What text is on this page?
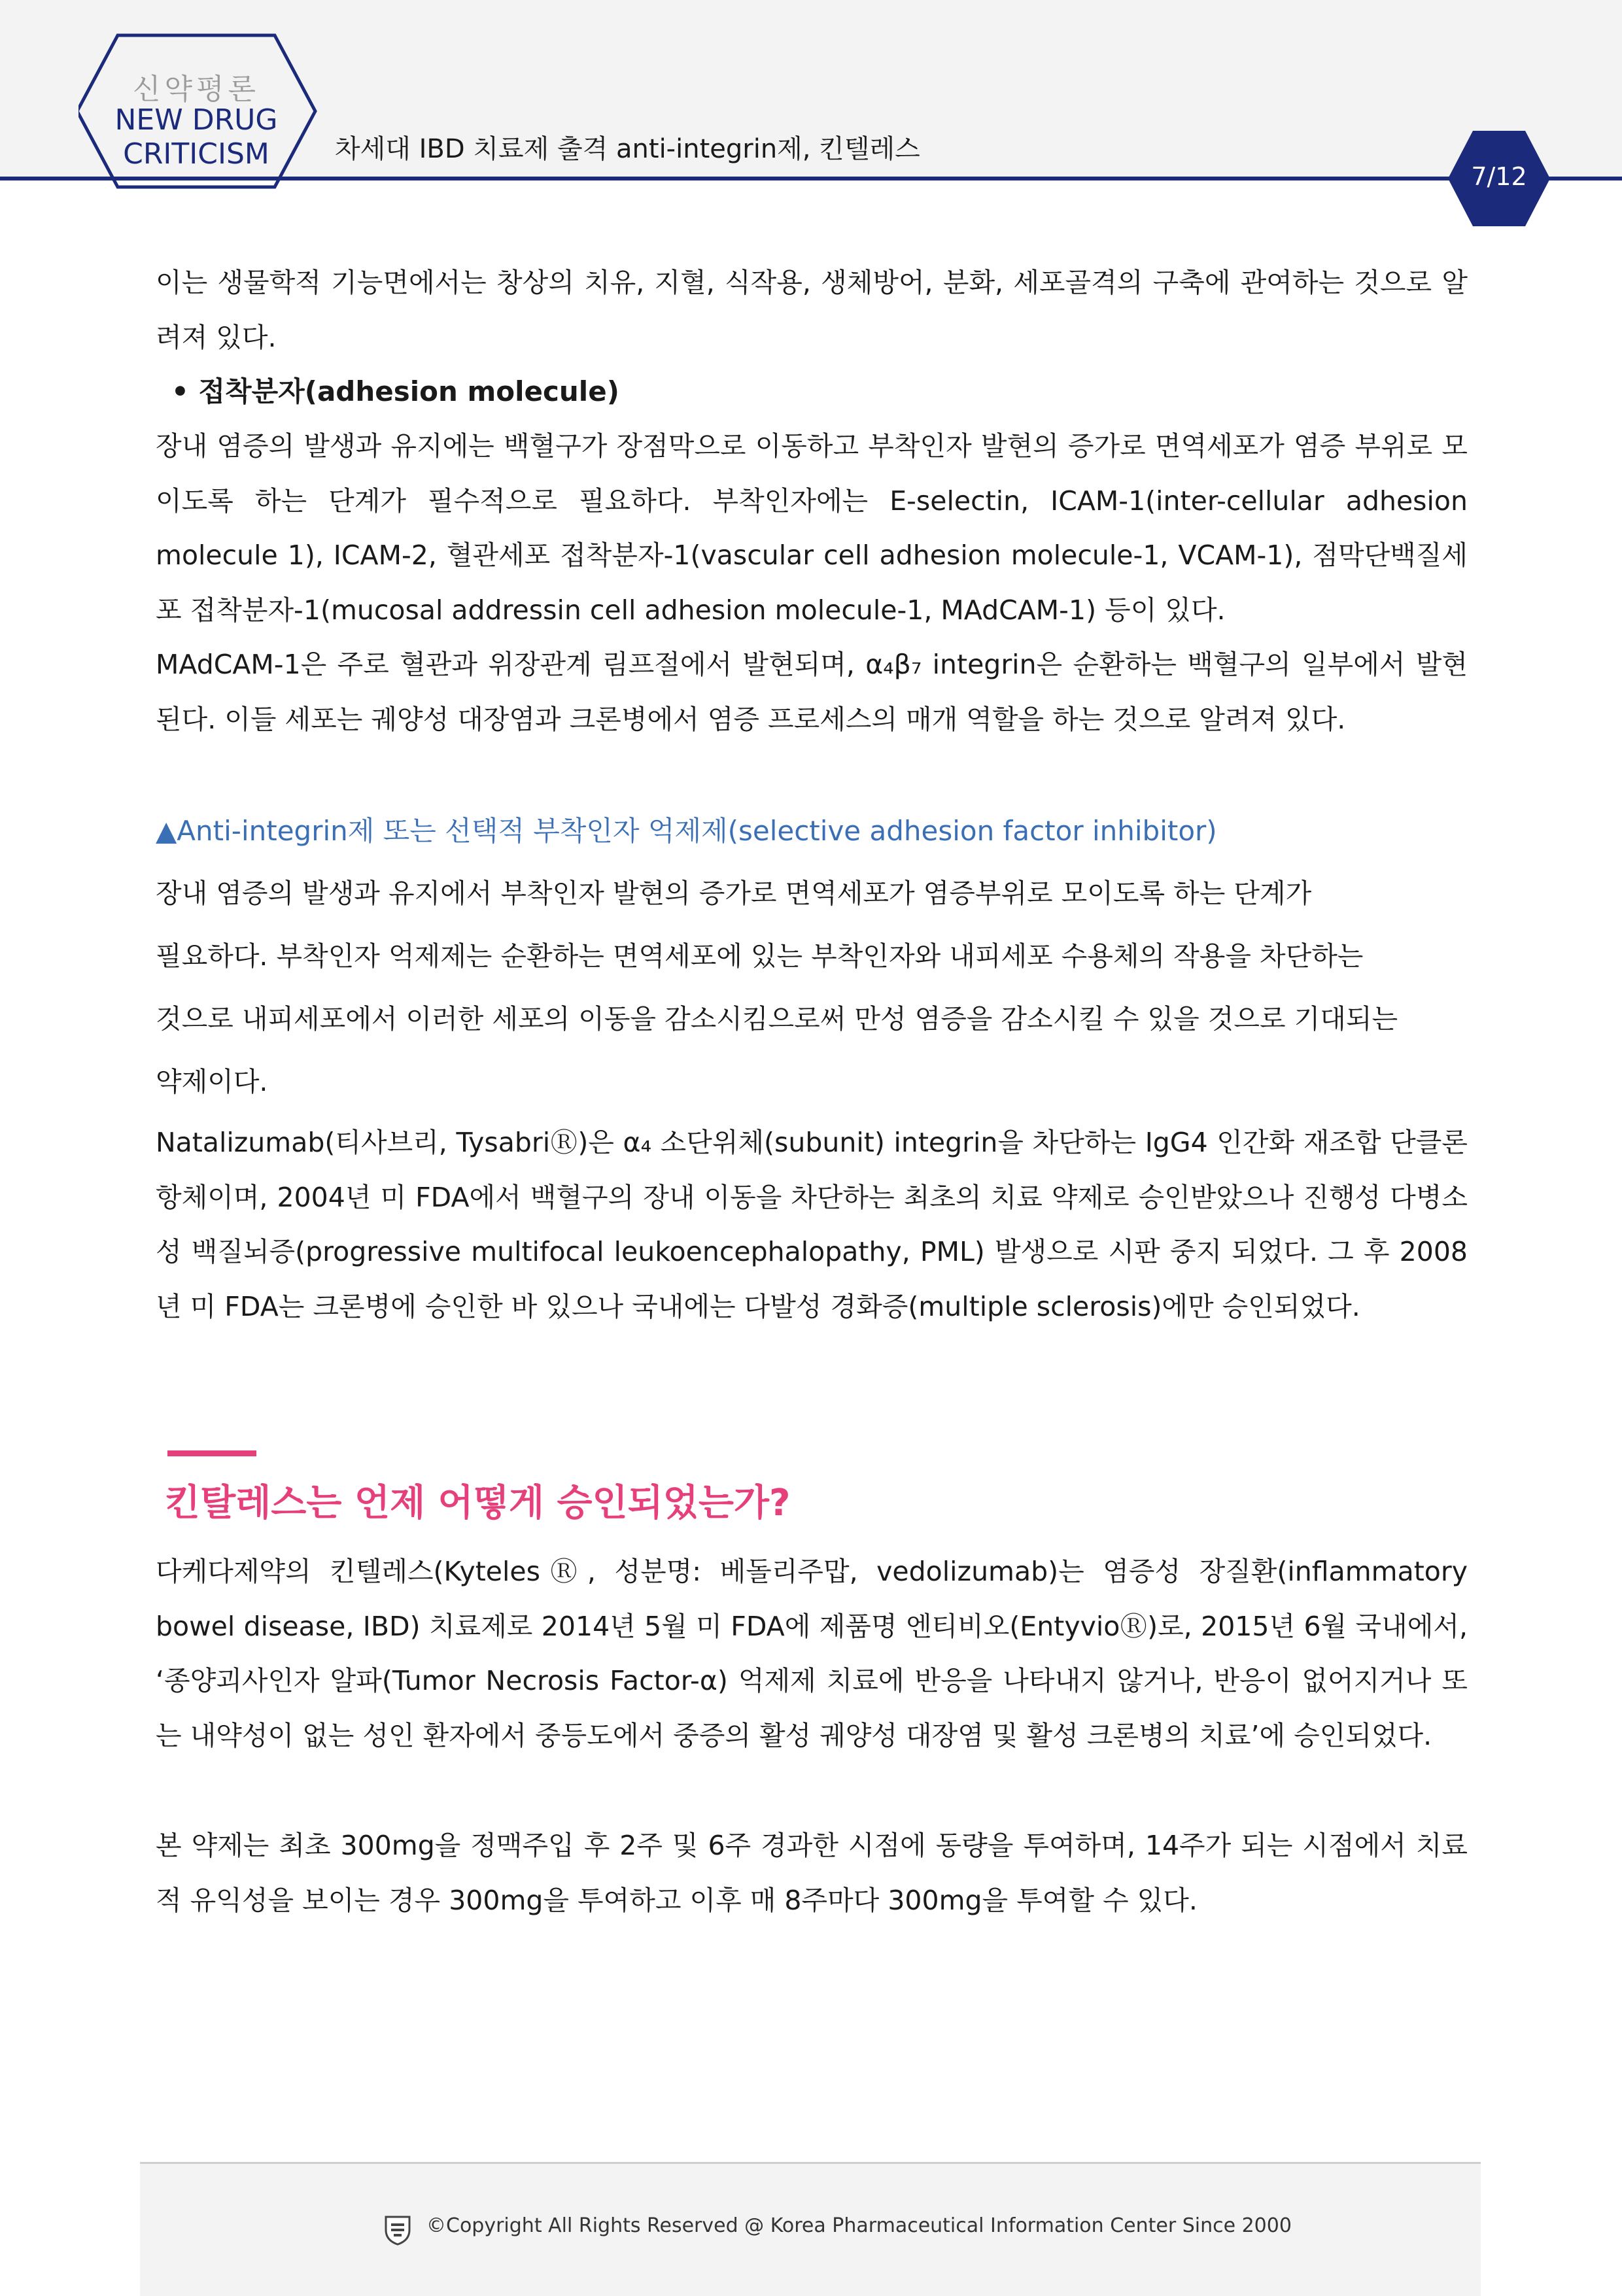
신약평론
NEW DRUG
CRITICISM	차세대 IBD 치료제 출격 anti-integrin제, 킨텔레스
7/12

이는 생물학적 기능면에서는 창상의 치유, 지혈, 식작용, 생체방어, 분화, 세포골격의 구축에 관여하는 것으로 알려져 있다.

• 접착분자(adhesion molecule)

장내 염증의 발생과 유지에는 백혈구가 장점막으로 이동하고 부착인자 발현의 증가로 면역세포가 염증 부위로 모이도록 하는 단계가 필수적으로 필요하다. 부착인자에는 E-selectin, ICAM-1(inter-cellular adhesion molecule 1), ICAM-2, 혈관세포 접착분자-1(vascular cell adhesion molecule-1, VCAM-1), 점막단백질세포 접착분자-1(mucosal addressin cell adhesion molecule-1, MAdCAM-1) 등이 있다.

MAdCAM-1은 주로 혈관과 위장관계 림프절에서 발현되며, α₄β₇ integrin은 순환하는 백혈구의 일부에서 발현된다. 이들 세포는 궤양성 대장염과 크론병에서 염증 프로세스의 매개 역할을 하는 것으로 알려져 있다.

▲Anti-integrin제 또는 선택적 부착인자 억제제(selective adhesion factor inhibitor)

장내 염증의 발생과 유지에서 부착인자 발현의 증가로 면역세포가 염증부위로 모이도록 하는 단계가
필요하다. 부착인자 억제제는 순환하는 면역세포에 있는 부착인자와 내피세포 수용체의 작용을 차단하는
것으로 내피세포에서 이러한 세포의 이동을 감소시킴으로써 만성 염증을 감소시킬 수 있을 것으로 기대되는
약제이다.

Natalizumab(티사브리, TysabriⓇ)은 α₄ 소단위체(subunit) integrin을 차단하는 IgG4 인간화 재조합 단클론항체이며, 2004년 미 FDA에서 백혈구의 장내 이동을 차단하는 최초의 치료 약제로 승인받았으나 진행성 다병소성 백질뇌증(progressive multifocal leukoencephalopathy, PML) 발생으로 시판 중지 되었다. 그 후 2008년 미 FDA는 크론병에 승인한 바 있으나 국내에는 다발성 경화증(multiple sclerosis)에만 승인되었다.

킨탈레스는 언제 어떻게 승인되었는가?

다케다제약의 킨텔레스(KytelesⓇ, 성분명: 베돌리주맙, vedolizumab)는 염증성 장질환(inflammatory bowel disease, IBD) 치료제로 2014년 5월 미 FDA에 제품명 엔티비오(EntyvioⓇ)로, 2015년 6월 국내에서, ‘종양괴사인자 알파(Tumor Necrosis Factor-α) 억제제 치료에 반응을 나타내지 않거나, 반응이 없어지거나 또는 내약성이 없는 성인 환자에서 중등도에서 중증의 활성 궤양성 대장염 및 활성 크론병의 치료’에 승인되었다.

본 약제는 최초 300mg을 정맥주입 후 2주 및 6주 경과한 시점에 동량을 투여하며, 14주가 되는 시점에서 치료적 유익성을 보이는 경우 300mg을 투여하고 이후 매 8주마다 300mg을 투여할 수 있다.

©Copyright All Rights Reserved @ Korea Pharmaceutical Information Center Since 2000
